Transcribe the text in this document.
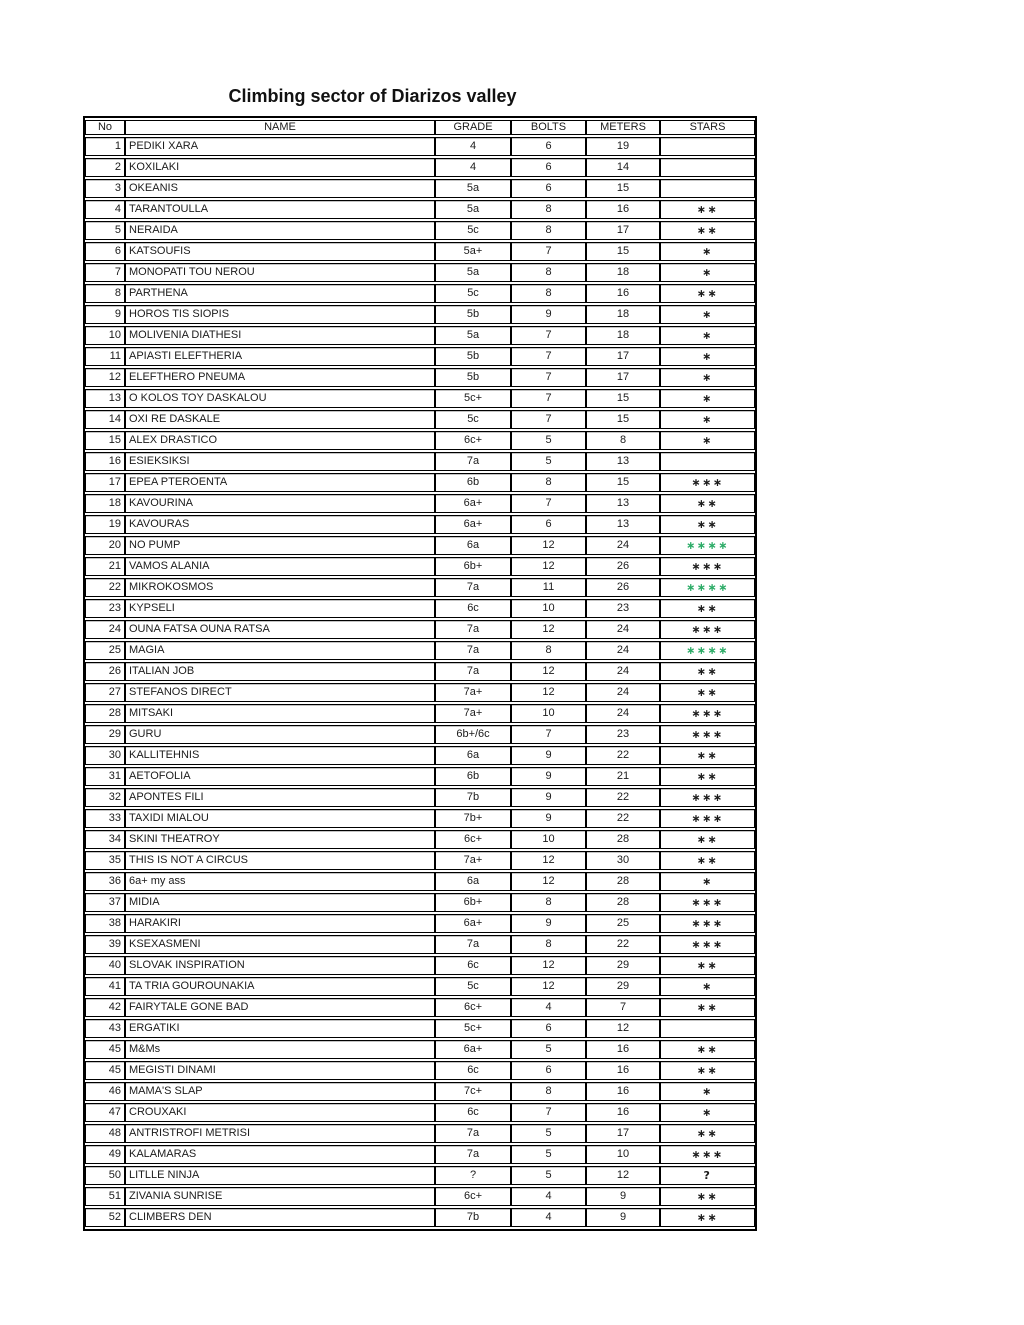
Climbing sector of Diarizos valley
No	NAME	GRADE	BOLTS	METERS	STARS
1	PEDIKI XARA	4	6	19	
2	KOXILAKI	4	6	14	
3	OKEANIS	5a	6	15	
4	TARANTOULLA	5a	8	16	∗∗
5	NERAIDA	5c	8	17	∗∗
6	KATSOUFIS	5a+	7	15	∗
7	MONOPATI TOU NEROU	5a	8	18	∗
8	PARTHENA	5c	8	16	∗∗
9	HOROS TIS SIOPIS	5b	9	18	∗
10	MOLIVENIA DIATHESI	5a	7	18	∗
11	APIASTI ELEFTHERIA	5b	7	17	∗
12	ELEFTHERO PNEUMA	5b	7	17	∗
13	O KOLOS TOY DASKALOU	5c+	7	15	∗
14	OXI RE DASKALE	5c	7	15	∗
15	ALEX DRASTICO	6c+	5	8	∗
16	ESIEKSIKSI	7a	5	13	
17	EPEA PTEROENTA	6b	8	15	∗∗∗
18	KAVOURINA	6a+	7	13	∗∗
19	KAVOURAS	6a+	6	13	∗∗
20	NO PUMP	6a	12	24	∗∗∗∗
21	VAMOS ALANIA	6b+	12	26	∗∗∗
22	MIKROKOSMOS	7a	11	26	∗∗∗∗
23	KYPSELI	6c	10	23	∗∗
24	OUNA FATSA OUNA RATSA	7a	12	24	∗∗∗
25	MAGIA	7a	8	24	∗∗∗∗
26	ITALIAN JOB	7a	12	24	∗∗
27	STEFANOS DIRECT	7a+	12	24	∗∗
28	MITSAKI	7a+	10	24	∗∗∗
29	GURU	6b+/6c	7	23	∗∗∗
30	KALLITEHNIS	6a	9	22	∗∗
31	AETOFOLIA	6b	9	21	∗∗
32	APONTES FILI	7b	9	22	∗∗∗
33	TAXIDI MIALOU	7b+	9	22	∗∗∗
34	SKINI THEATROY	6c+	10	28	∗∗
35	THIS IS NOT A CIRCUS	7a+	12	30	∗∗
36	6a+ my ass	6a	12	28	∗
37	MIDIA	6b+	8	28	∗∗∗
38	HARAKIRI	6a+	9	25	∗∗∗
39	KSEXASMENI	7a	8	22	∗∗∗
40	SLOVAK INSPIRATION	6c	12	29	∗∗
41	TA TRIA GOUROUNAKIA	5c	12	29	∗
42	FAIRYTALE GONE BAD	6c+	4	7	∗∗
43	ERGATIKI	5c+	6	12	
45	M&Ms	6a+	5	16	∗∗
45	MEGISTI DINAMI	6c	6	16	∗∗
46	MAMA'S SLAP	7c+	8	16	∗
47	CROUXAKI	6c	7	16	∗
48	ANTRISTROFI METRISI	7a	5	17	∗∗
49	KALAMARAS	7a	5	10	∗∗∗
50	LITLLE NINJA	?	5	12	?
51	ZIVANIA SUNRISE	6c+	4	9	∗∗
52	CLIMBERS DEN	7b	4	9	∗∗
